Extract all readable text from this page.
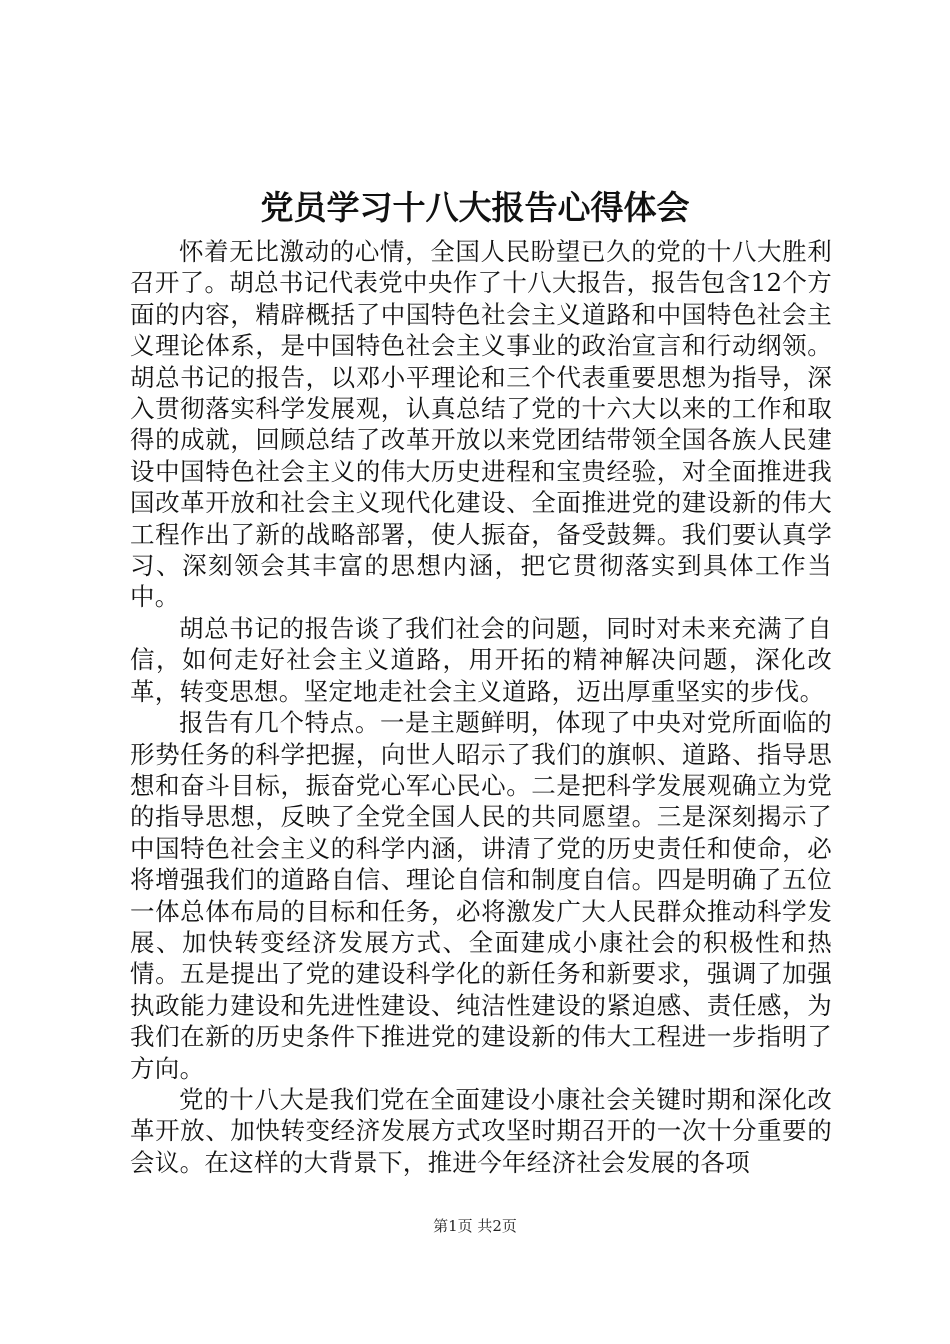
党员学习十八大报告心得体会

怀着无比激动的心情，全国人民盼望已久的党的十八大胜利召开了。胡总书记代表党中央作了十八大报告，报告包含12个方面的内容，精辟概括了中国特色社会主义道路和中国特色社会主义理论体系，是中国特色社会主义事业的政治宣言和行动纲领。胡总书记的报告，以邓小平理论和三个代表重要思想为指导，深入贯彻落实科学发展观，认真总结了党的十六大以来的工作和取得的成就，回顾总结了改革开放以来党团结带领全国各族人民建设中国特色社会主义的伟大历史进程和宝贵经验，对全面推进我国改革开放和社会主义现代化建设、全面推进党的建设新的伟大工程作出了新的战略部署，使人振奋，备受鼓舞。我们要认真学习、深刻领会其丰富的思想内涵，把它贯彻落实到具体工作当中。

胡总书记的报告谈了我们社会的问题，同时对未来充满了自信，如何走好社会主义道路，用开拓的精神解决问题，深化改革，转变思想。坚定地走社会主义道路，迈出厚重坚实的步伐。

报告有几个特点。一是主题鲜明，体现了中央对党所面临的形势任务的科学把握，向世人昭示了我们的旗帜、道路、指导思想和奋斗目标，振奋党心军心民心。二是把科学发展观确立为党的指导思想，反映了全党全国人民的共同愿望。三是深刻揭示了中国特色社会主义的科学内涵，讲清了党的历史责任和使命，必将增强我们的道路自信、理论自信和制度自信。四是明确了五位一体总体布局的目标和任务，必将激发广大人民群众推动科学发展、加快转变经济发展方式、全面建成小康社会的积极性和热情。五是提出了党的建设科学化的新任务和新要求，强调了加强执政能力建设和先进性建设、纯洁性建设的紧迫感、责任感，为我们在新的历史条件下推进党的建设新的伟大工程进一步指明了方向。

党的十八大是我们党在全面建设小康社会关键时期和深化改革开放、加快转变经济发展方式攻坚时期召开的一次十分重要的会议。在这样的大背景下，推进今年经济社会发展的各项

第1页 共2页
